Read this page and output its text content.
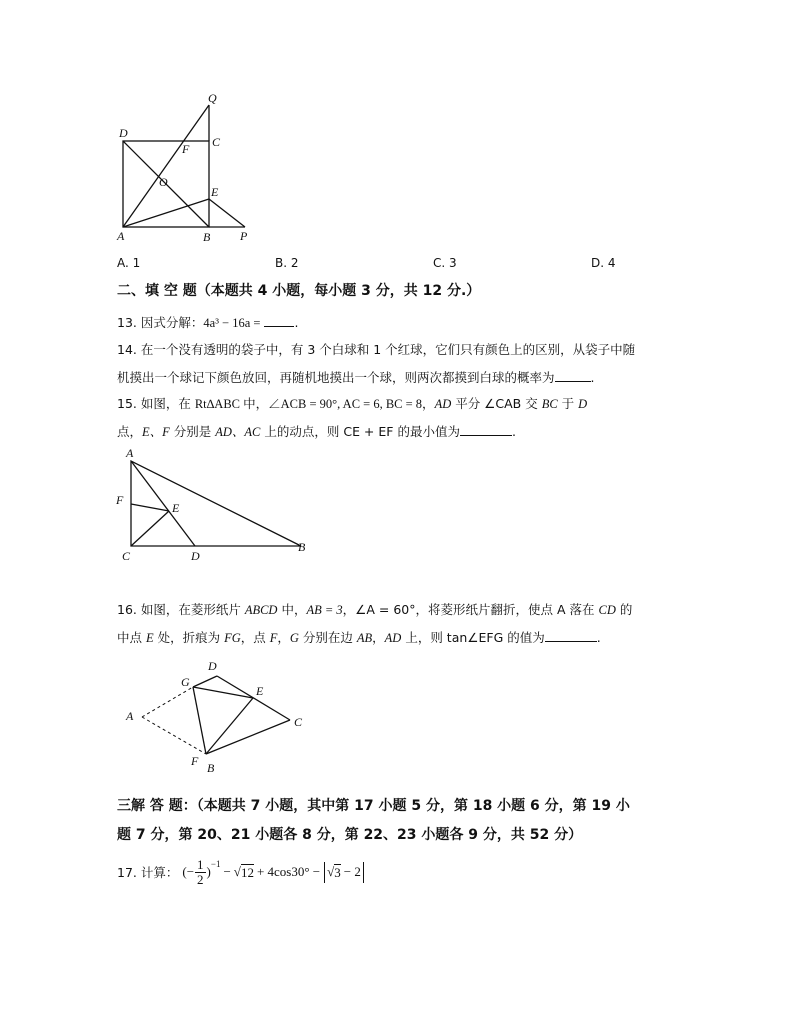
Q
D
C
F
O
E
A	B P
A. 1	B. 2	C. 3	D. 4
二、填 空 题（本题共 4 小题，每小题 3 分，共 12 分.）
13. 因式分解：4a³ − 16a =	.
14. 在一个没有透明的袋子中，有 3 个白球和 1 个红球，它们只有颜色上的区别，从袋子中随
机摸出一个球记下颜色放回，再随机地摸出一个球，则两次都摸到白球的概率为	.
15. 如图，在 Rt∆ABC 中，∠ACB = 90°, AC = 6, BC = 8，AD 平分 ∠CAB 交 BC 于 D
点，E、F 分别是 AD、AC 上的动点，则 CE + EF 的最小值为	.
A
F
E
C	D
B
16. 如图，在菱形纸片 ABCD 中，AB = 3，∠A = 60°，将菱形纸片翻折，使点 A 落在 CD 的
中点 E 处，折痕为 FG，点 F，G 分别在边 AB，AD 上，则 tan∠EFG 的值为	.
D
G
E
A	C
F B
三解 答 题：（本题共 7 小题，其中第 17 小题 5 分，第 18 小题 6 分，第 19 小
题 7 分，第 20、21 小题各 8 分，第 22、23 小题各 9 分，共 52 分）
17. 计算： (− $\frac{1}{2}$ ) −1 − √ 12 + 4cos30° − √ 3 − 2
